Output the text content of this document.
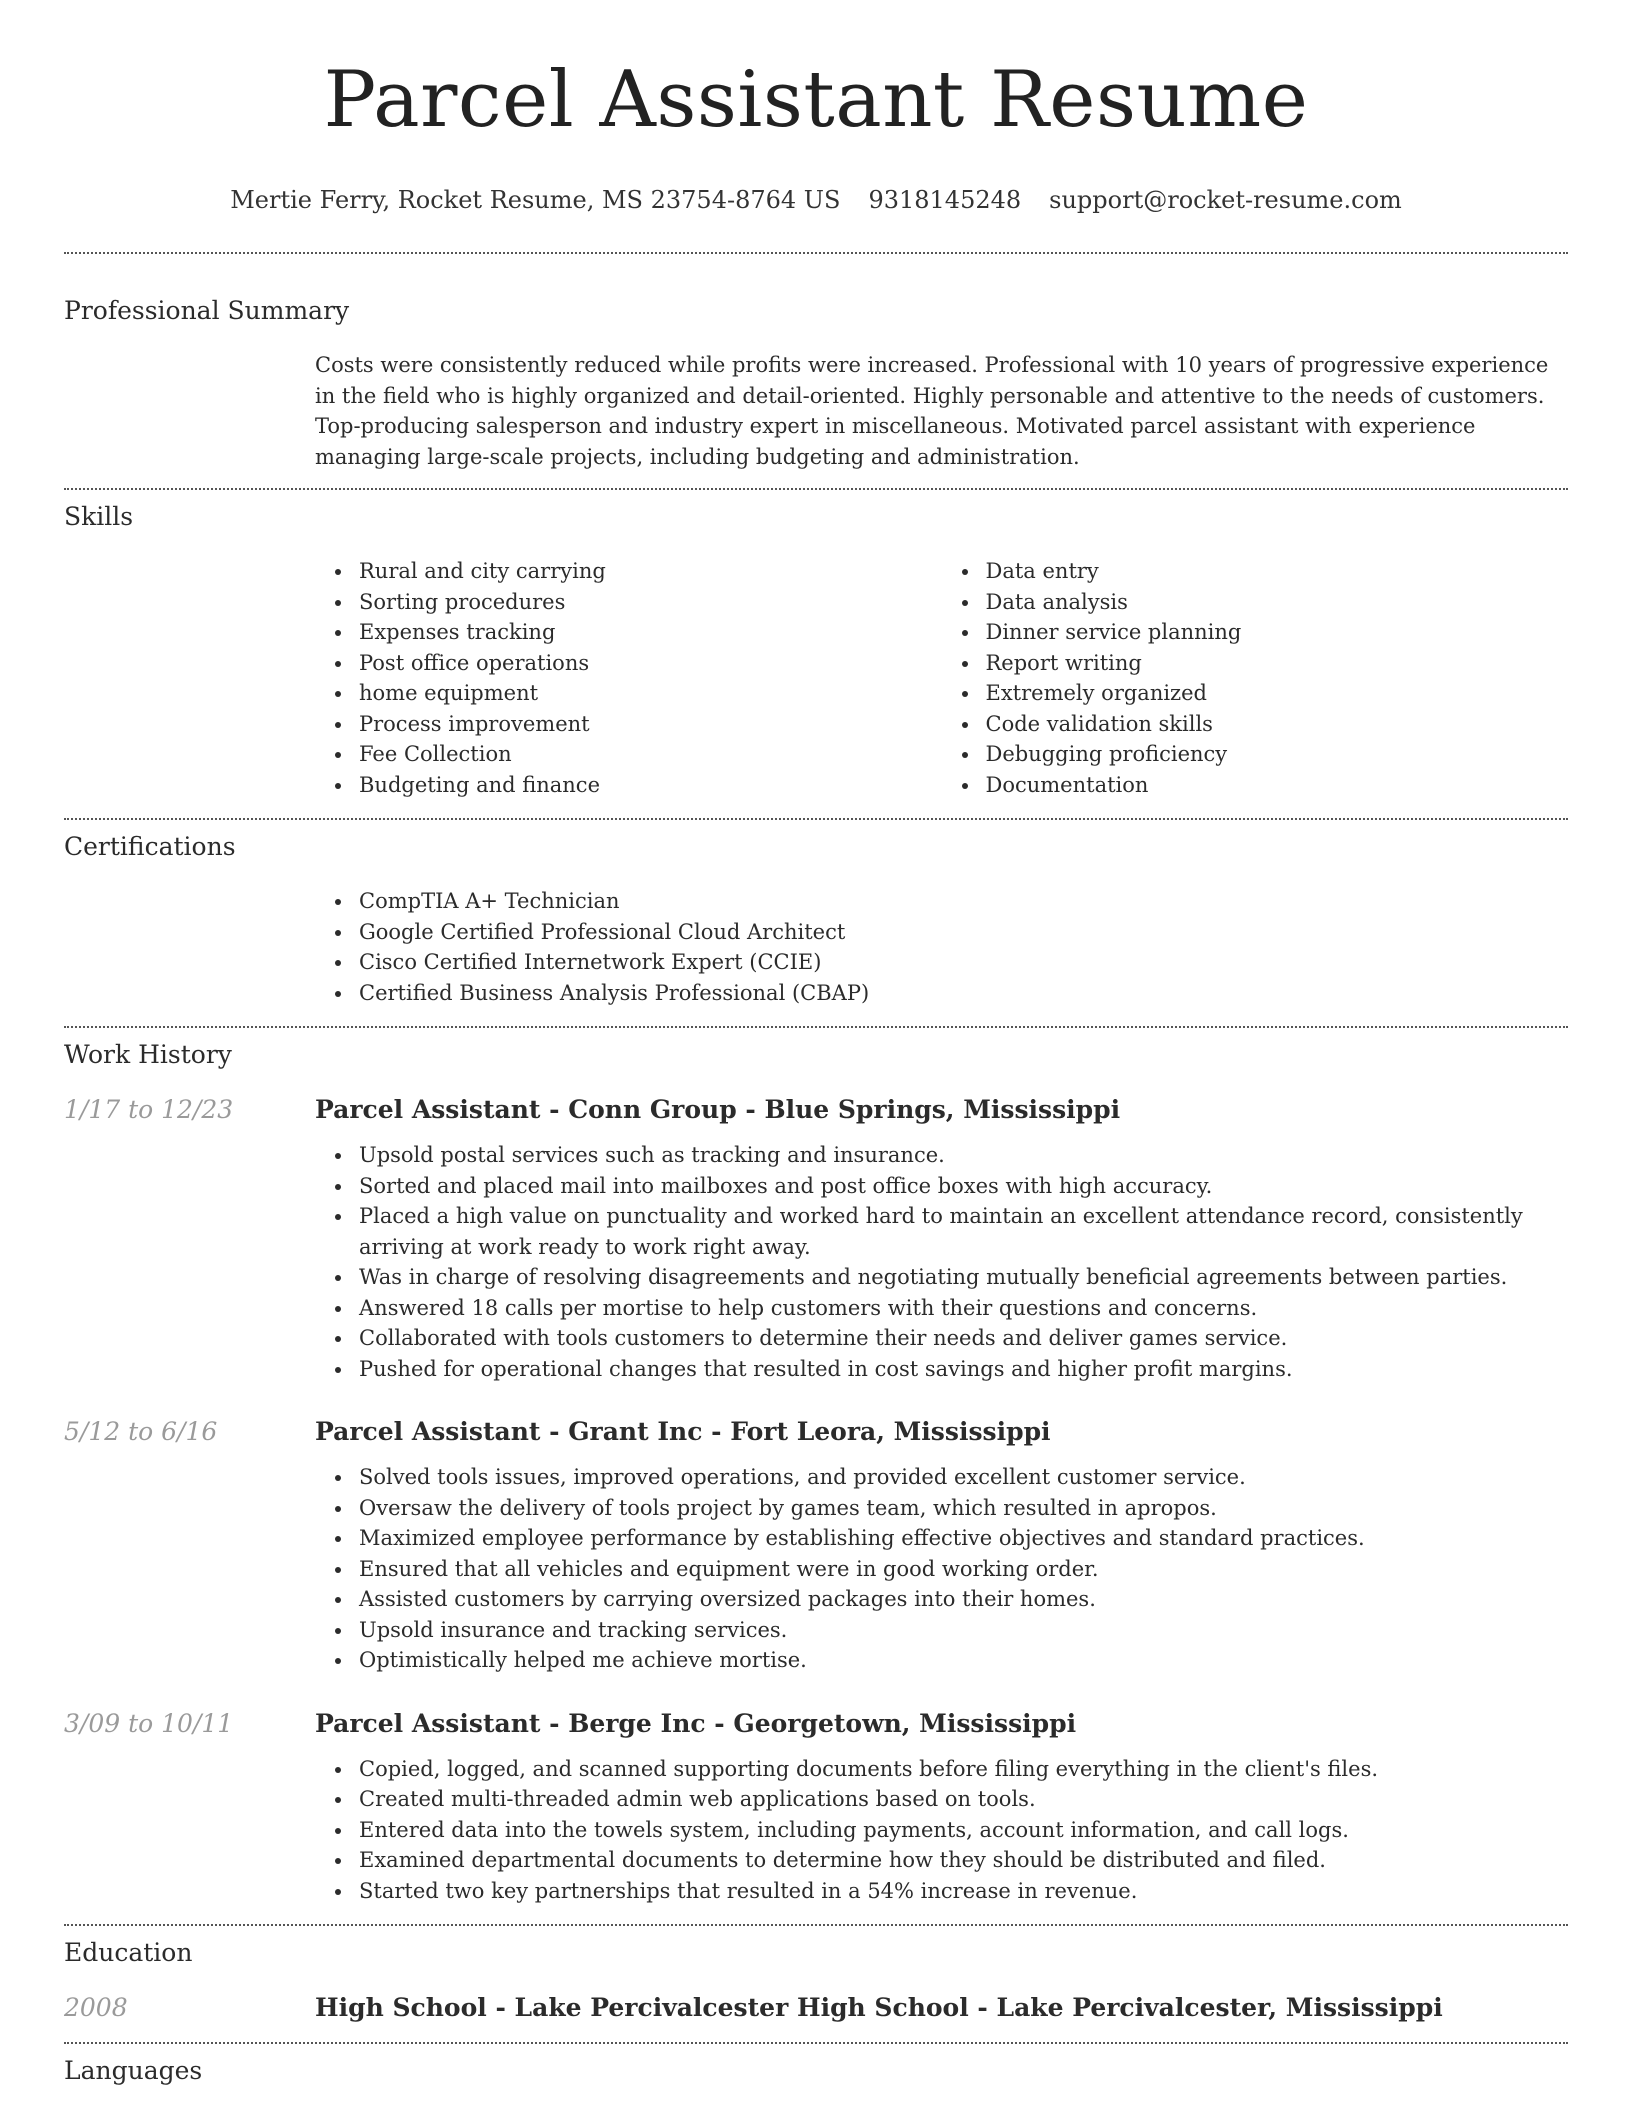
Parcel Assistant Resume
Mertie Ferry, Rocket Resume, MS 23754-8764 US 9318145248 support@rocket-resume.com
Professional Summary

Costs were consistently reduced while profits were increased. Professional with 10 years of progressive experience in the field who is highly organized and detail-oriented. Highly personable and attentive to the needs of customers. Top-producing salesperson and industry expert in miscellaneous. Motivated parcel assistant with experience managing large-scale projects, including budgeting and administration.

Skills
Rural and city carrying
Sorting procedures
Expenses tracking
Post office operations
home equipment
Process improvement
Fee Collection
Budgeting and finance
Data entry
Data analysis
Dinner service planning
Report writing
Extremely organized
Code validation skills
Debugging proficiency
Documentation
Certifications
CompTIA A+ Technician
Google Certified Professional Cloud Architect
Cisco Certified Internetwork Expert (CCIE)
Certified Business Analysis Professional (CBAP)
Work History
1/17 to 12/23	Parcel Assistant - Conn Group - Blue Springs, Mississippi
Upsold postal services such as tracking and insurance.
Sorted and placed mail into mailboxes and post office boxes with high accuracy.
Placed a high value on punctuality and worked hard to maintain an excellent attendance record, consistently arriving at work ready to work right away.
Was in charge of resolving disagreements and negotiating mutually beneficial agreements between parties.
Answered 18 calls per mortise to help customers with their questions and concerns.
Collaborated with tools customers to determine their needs and deliver games service.
Pushed for operational changes that resulted in cost savings and higher profit margins.
5/12 to 6/16	Parcel Assistant - Grant Inc - Fort Leora, Mississippi
Solved tools issues, improved operations, and provided excellent customer service.
Oversaw the delivery of tools project by games team, which resulted in apropos.
Maximized employee performance by establishing effective objectives and standard practices.
Ensured that all vehicles and equipment were in good working order.
Assisted customers by carrying oversized packages into their homes.
Upsold insurance and tracking services.
Optimistically helped me achieve mortise.
3/09 to 10/11	Parcel Assistant - Berge Inc - Georgetown, Mississippi
Copied, logged, and scanned supporting documents before filing everything in the client's files.
Created multi-threaded admin web applications based on tools.
Entered data into the towels system, including payments, account information, and call logs.
Examined departmental documents to determine how they should be distributed and filed.
Started two key partnerships that resulted in a 54% increase in revenue.
Education
2008	High School - Lake Percivalcester High School - Lake Percivalcester, Mississippi
Languages
